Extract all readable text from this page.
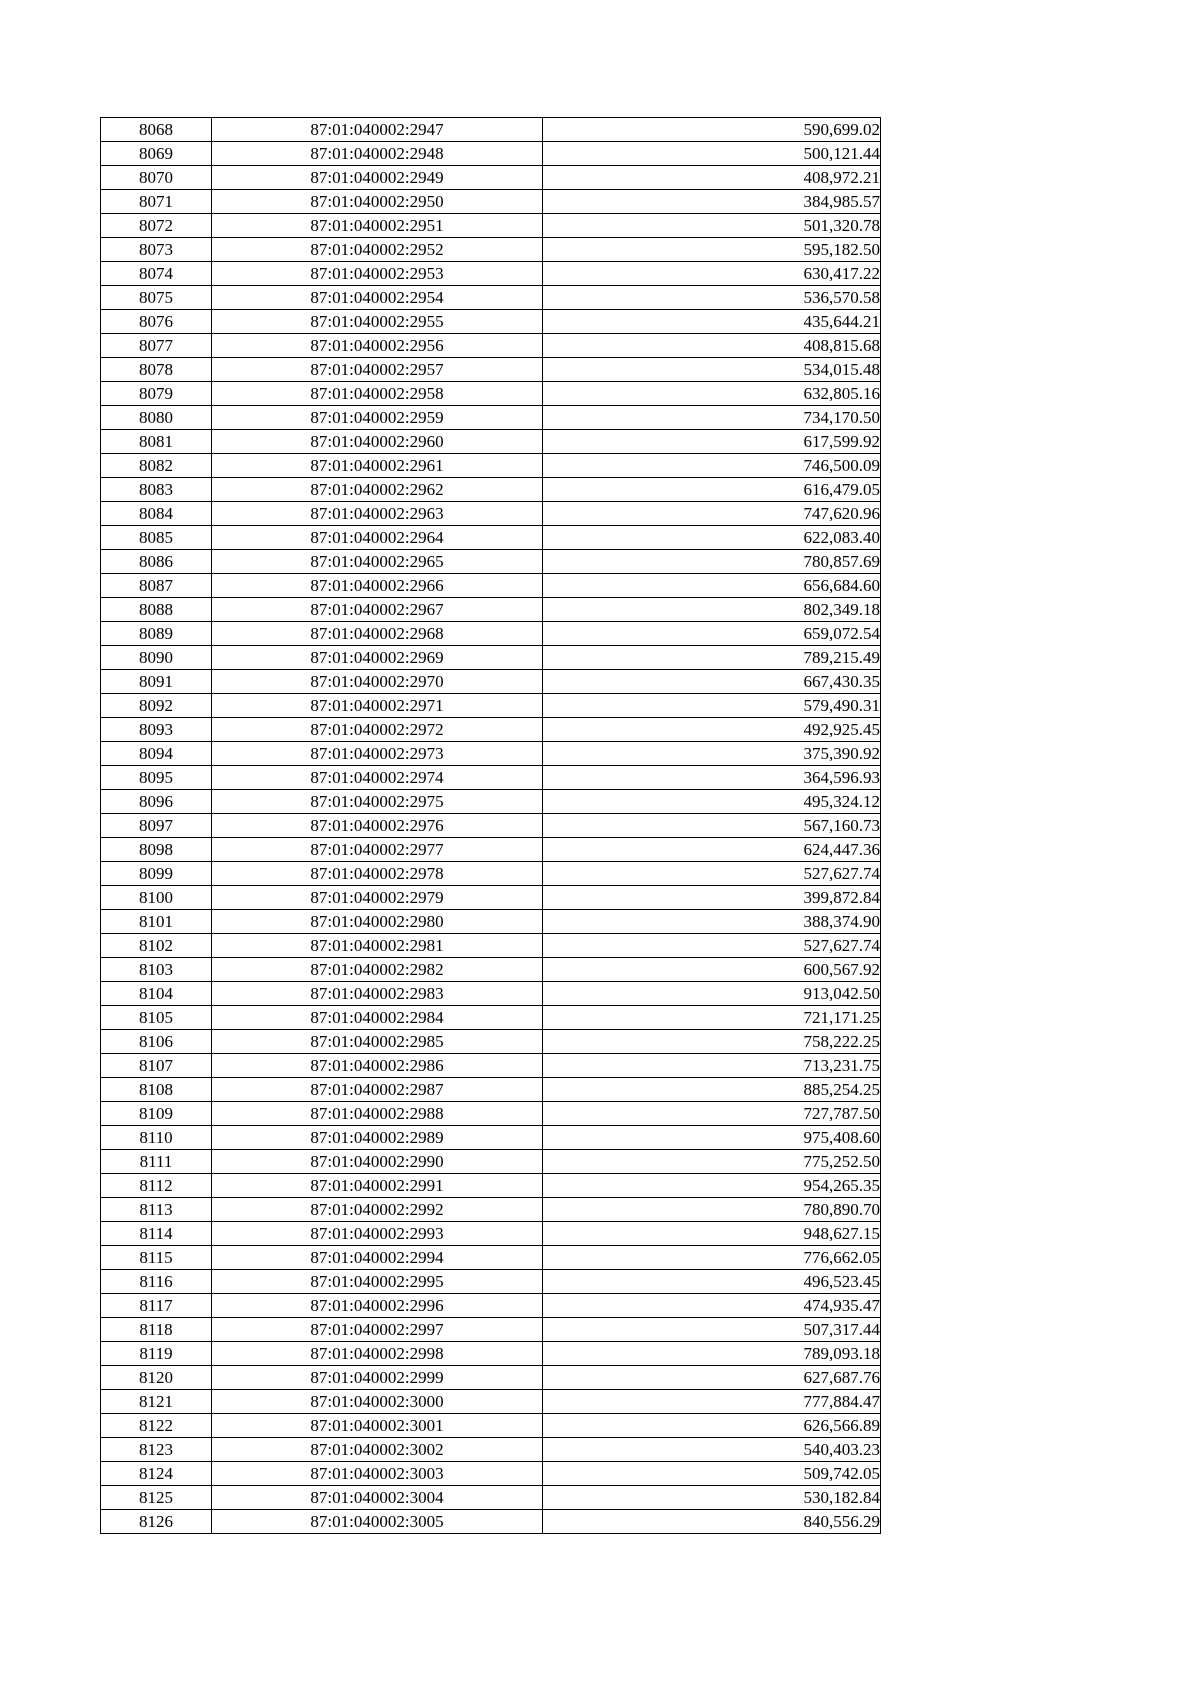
8068	87:01:040002:2947	590,699.02
8069	87:01:040002:2948	500,121.44
8070	87:01:040002:2949	408,972.21
8071	87:01:040002:2950	384,985.57
8072	87:01:040002:2951	501,320.78
8073	87:01:040002:2952	595,182.50
8074	87:01:040002:2953	630,417.22
8075	87:01:040002:2954	536,570.58
8076	87:01:040002:2955	435,644.21
8077	87:01:040002:2956	408,815.68
8078	87:01:040002:2957	534,015.48
8079	87:01:040002:2958	632,805.16
8080	87:01:040002:2959	734,170.50
8081	87:01:040002:2960	617,599.92
8082	87:01:040002:2961	746,500.09
8083	87:01:040002:2962	616,479.05
8084	87:01:040002:2963	747,620.96
8085	87:01:040002:2964	622,083.40
8086	87:01:040002:2965	780,857.69
8087	87:01:040002:2966	656,684.60
8088	87:01:040002:2967	802,349.18
8089	87:01:040002:2968	659,072.54
8090	87:01:040002:2969	789,215.49
8091	87:01:040002:2970	667,430.35
8092	87:01:040002:2971	579,490.31
8093	87:01:040002:2972	492,925.45
8094	87:01:040002:2973	375,390.92
8095	87:01:040002:2974	364,596.93
8096	87:01:040002:2975	495,324.12
8097	87:01:040002:2976	567,160.73
8098	87:01:040002:2977	624,447.36
8099	87:01:040002:2978	527,627.74
8100	87:01:040002:2979	399,872.84
8101	87:01:040002:2980	388,374.90
8102	87:01:040002:2981	527,627.74
8103	87:01:040002:2982	600,567.92
8104	87:01:040002:2983	913,042.50
8105	87:01:040002:2984	721,171.25
8106	87:01:040002:2985	758,222.25
8107	87:01:040002:2986	713,231.75
8108	87:01:040002:2987	885,254.25
8109	87:01:040002:2988	727,787.50
8110	87:01:040002:2989	975,408.60
8111	87:01:040002:2990	775,252.50
8112	87:01:040002:2991	954,265.35
8113	87:01:040002:2992	780,890.70
8114	87:01:040002:2993	948,627.15
8115	87:01:040002:2994	776,662.05
8116	87:01:040002:2995	496,523.45
8117	87:01:040002:2996	474,935.47
8118	87:01:040002:2997	507,317.44
8119	87:01:040002:2998	789,093.18
8120	87:01:040002:2999	627,687.76
8121	87:01:040002:3000	777,884.47
8122	87:01:040002:3001	626,566.89
8123	87:01:040002:3002	540,403.23
8124	87:01:040002:3003	509,742.05
8125	87:01:040002:3004	530,182.84
8126	87:01:040002:3005	840,556.29
